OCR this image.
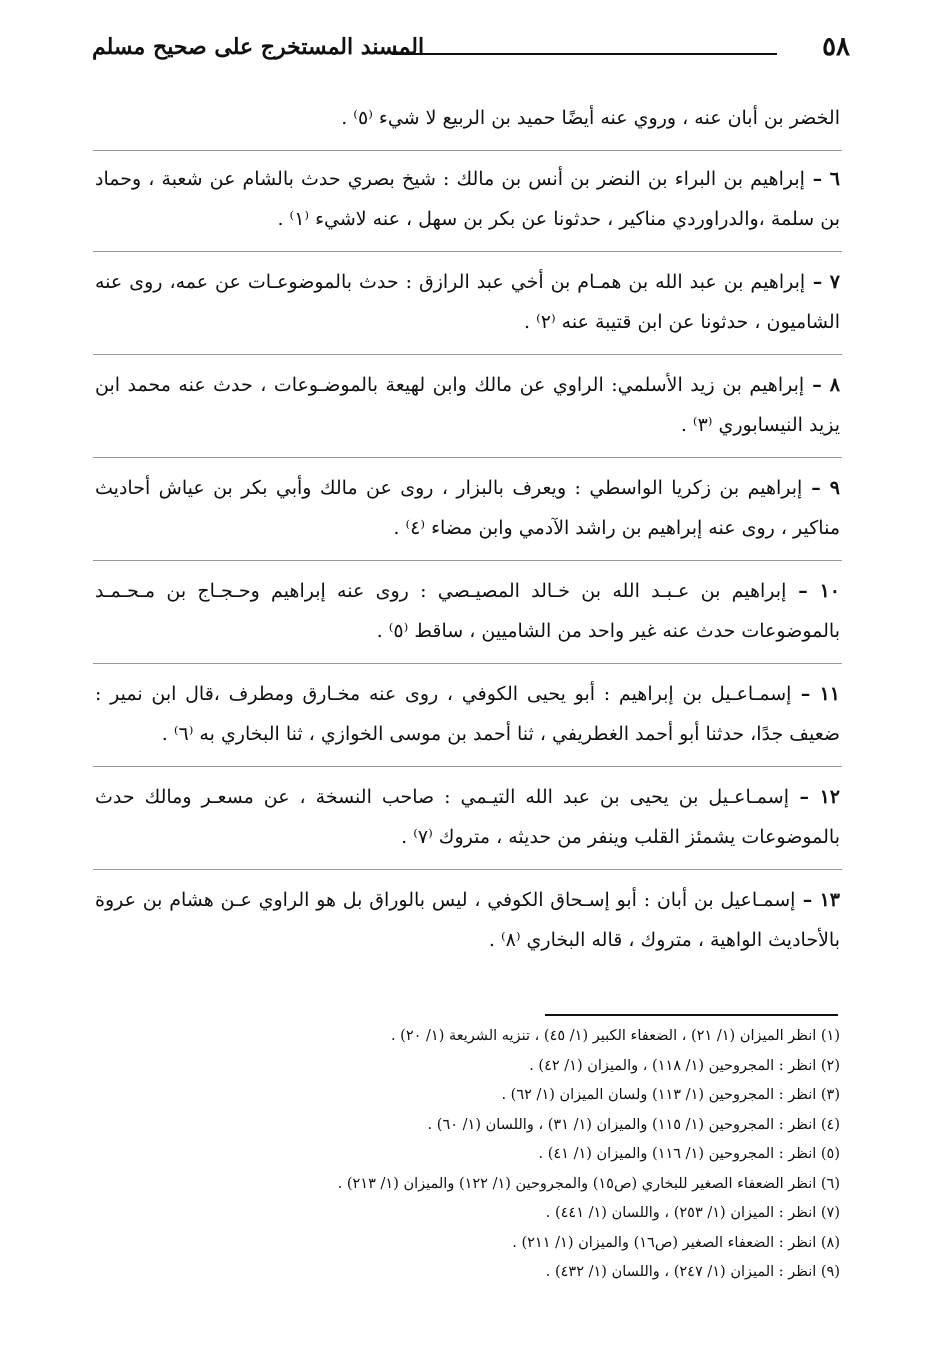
٥٨
المسند المستخرج على صحيح مسلم
الخضر بن أبان عنه ، وروي عنه أيضًا حميد بن الربيع لا شيء ⁽٥⁾ .
٦ – إبراهيم بن البراء بن النضر بن أنس بن مالك : شيخ بصري حدث بالشام عن شعبة ، وحماد بن سلمة ،والدراوردي مناكير ، حدثونا عن بكر بن سهل ، عنه لاشيء ⁽١⁾ .
٧ – إبراهيم بن عبد الله بن همـام بن أخي عبد الرازق : حدث بالموضوعـات عن عمه، روى عنه الشاميون ، حدثونا عن ابن قتيبة عنه ⁽٢⁾ .
٨ – إبراهيم بن زيد الأسلمي: الراوي عن مالك وابن لهيعة بالموضـوعات ، حدث عنه محمد ابن يزيد النيسابوري ⁽٣⁾ .
٩ – إبراهيم بن زكريا الواسطي : ويعرف بالبزار ، روى عن مالك وأبي بكر بن عياش أحاديث مناكير ، روى عنه إبراهيم بن راشد الآدمي وابن مضاء ⁽٤⁾ .
١٠ – إبراهيم بن عـبـد الله بن خـالد المصيـصي : روى عنه إبراهيم وحـجـاج بن مـحـمـد بالموضوعات حدث عنه غير واحد من الشاميين ، ساقط ⁽٥⁾ .
١١ – إسمـاعـيل بن إبراهيم : أبو يحيى الكوفي ، روى عنه مخـارق ومطرف ،قال ابن نمير : ضعيف جدًا، حدثنا أبو أحمد الغطريفي ، ثنا أحمد بن موسى الخوازي ، ثنا البخاري به ⁽٦⁾ .
١٢ – إسمـاعـيل بن يحيى بن عبد الله التيـمي : صاحب النسخة ، عن مسعـر ومالك حدث بالموضوعات يشمئز القلب وينفر من حديثه ، متروك ⁽٧⁾ .
١٣ – إسمـاعيل بن أبان : أبو إسـحاق الكوفي ، ليس بالوراق بل هو الراوي عـن هشام بن عروة بالأحاديث الواهية ، متروك ، قاله البخاري ⁽٨⁾ .
(١) انظر الميزان (١/ ٢١) ، الضعفاء الكبير (١/ ٤٥) ، تنزيه الشريعة (١/ ٢٠) .
(٢) انظر : المجروحين (١/ ١١٨) ، والميزان (١/ ٤٢) .
(٣) انظر : المجروحين (١/ ١١٣) ولسان الميزان (١/ ٦٢) .
(٤) انظر : المجروحين (١/ ١١٥) والميزان (١/ ٣١) ، واللسان (١/ ٦٠) .
(٥) انظر : المجروحين (١/ ١١٦) والميزان (١/ ٤١) .
(٦) انظر الضعفاء الصغير للبخاري (ص١٥) والمجروحين (١/ ١٢٢) والميزان (١/ ٢١٣) .
(٧) انظر : الميزان (١/ ٢٥٣) ، واللسان (١/ ٤٤١) .
(٨) انظر : الضعفاء الصغير (ص١٦) والميزان (١/ ٢١١) .
(٩) انظر : الميزان (١/ ٢٤٧) ، واللسان (١/ ٤٣٢) .
